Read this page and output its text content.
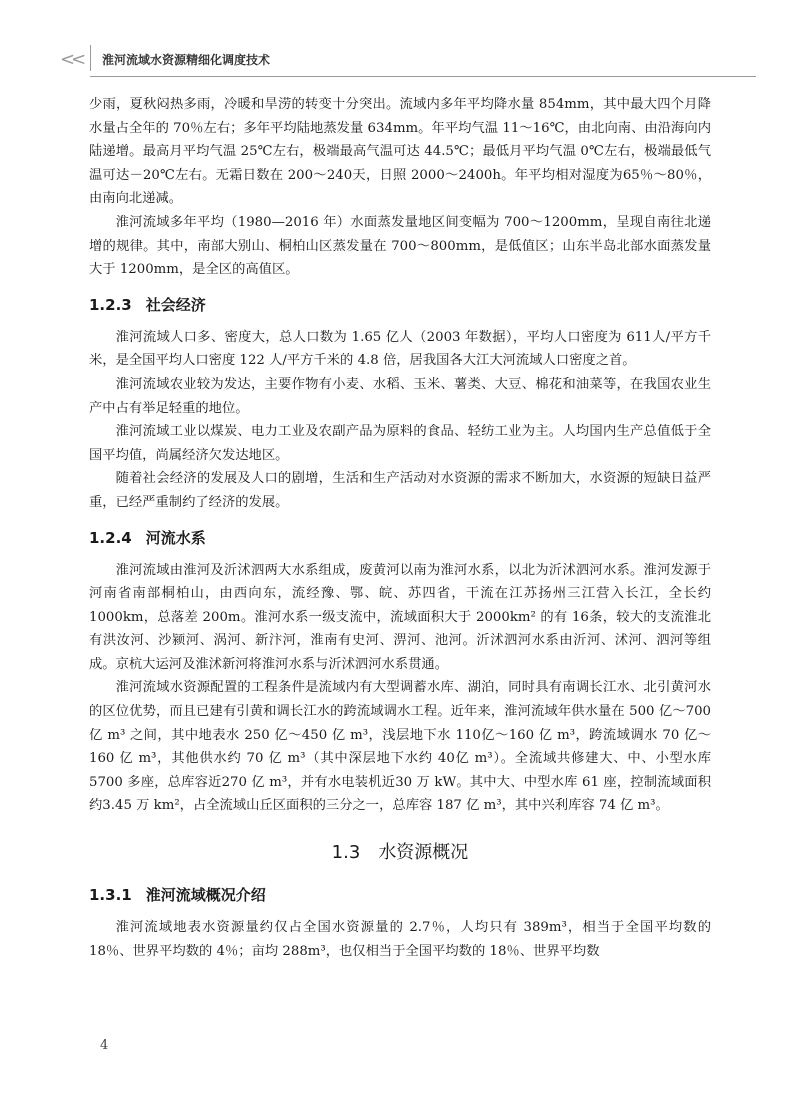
<< 淮河流域水资源精细化调度技术

少雨，夏秋闷热多雨，冷暖和旱涝的转变十分突出。流域内多年平均降水量 854mm，其中最大四个月降水量占全年的 70％左右；多年平均陆地蒸发量 634mm。年平均气温 11～16℃，由北向南、由沿海向内陆递增。最高月平均气温 25℃左右，极端最高气温可达 44.5℃；最低月平均气温 0℃左右，极端最低气温可达－20℃左右。无霜日数在 200～240天，日照 2000～2400h。年平均相对湿度为65％～80％，由南向北递减。

淮河流域多年平均（1980—2016 年）水面蒸发量地区间变幅为 700～1200mm，呈现自南往北递增的规律。其中，南部大别山、桐柏山区蒸发量在 700～800mm，是低值区；山东半岛北部水面蒸发量大于 1200mm，是全区的高值区。

1.2.3 社会经济

淮河流域人口多、密度大，总人口数为 1.65 亿人（2003 年数据），平均人口密度为 611人/平方千米，是全国平均人口密度 122 人/平方千米的 4.8 倍，居我国各大江大河流域人口密度之首。

淮河流域农业较为发达，主要作物有小麦、水稻、玉米、薯类、大豆、棉花和油菜等，在我国农业生产中占有举足轻重的地位。

淮河流域工业以煤炭、电力工业及农副产品为原料的食品、轻纺工业为主。人均国内生产总值低于全国平均值，尚属经济欠发达地区。

随着社会经济的发展及人口的剧增，生活和生产活动对水资源的需求不断加大，水资源的短缺日益严重，已经严重制约了经济的发展。

1.2.4 河流水系

淮河流域由淮河及沂沭泗两大水系组成，废黄河以南为淮河水系，以北为沂沭泗河水系。淮河发源于河南省南部桐柏山，由西向东，流经豫、鄂、皖、苏四省，干流在江苏扬州三江营入长江，全长约 1000km，总落差 200m。淮河水系一级支流中，流域面积大于 2000km² 的有 16条，较大的支流淮北有洪汝河、沙颍河、涡河、新汴河，淮南有史河、淠河、池河。沂沭泗河水系由沂河、沭河、泗河等组成。京杭大运河及淮沭新河将淮河水系与沂沭泗河水系贯通。

淮河流域水资源配置的工程条件是流域内有大型调蓄水库、湖泊，同时具有南调长江水、北引黄河水的区位优势，而且已建有引黄和调长江水的跨流域调水工程。近年来，淮河流域年供水量在 500 亿～700 亿 m³ 之间，其中地表水 250 亿～450 亿 m³，浅层地下水 110亿～160 亿 m³，跨流域调水 70 亿～160 亿 m³，其他供水约 70 亿 m³（其中深层地下水约 40亿 m³）。全流域共修建大、中、小型水库 5700 多座，总库容近270 亿 m³，并有水电装机近30 万 kW。其中大、中型水库 61 座，控制流域面积约3.45 万 km²，占全流域山丘区面积的三分之一，总库容 187 亿 m³，其中兴利库容 74 亿 m³。

1.3 水资源概况
1.3.1 淮河流域概况介绍

淮河流域地表水资源量约仅占全国水资源量的 2.7％，人均只有 389m³，相当于全国平均数的 18％、世界平均数的 4％；亩均 288m³，也仅相当于全国平均数的 18％、世界平均数

4
